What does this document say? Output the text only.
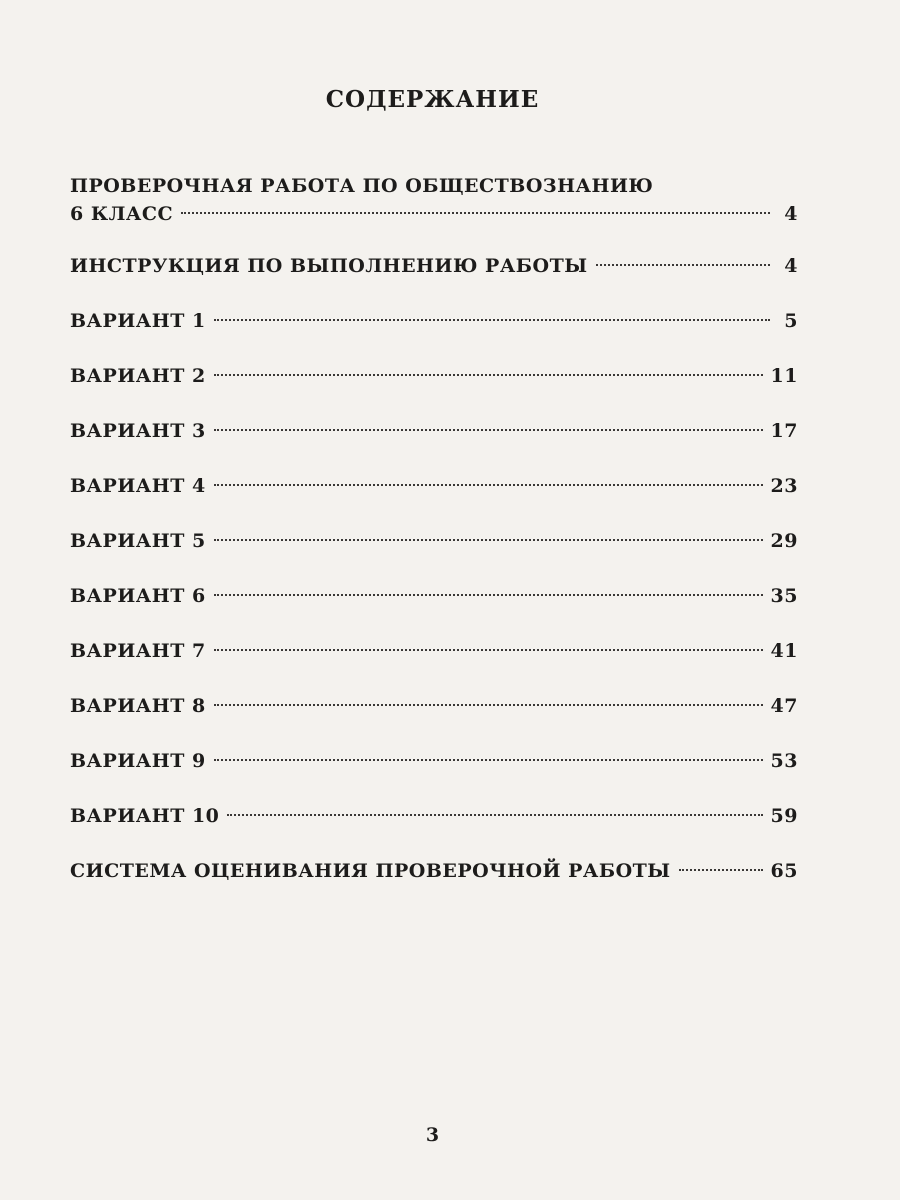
СОДЕРЖАНИЕ
ПРОВЕРОЧНАЯ РАБОТА ПО ОБЩЕСТВОЗНАНИЮ
6 КЛАСС	4
ИНСТРУКЦИЯ ПО ВЫПОЛНЕНИЮ РАБОТЫ	4
ВАРИАНТ 1	5
ВАРИАНТ 2	11
ВАРИАНТ 3	17
ВАРИАНТ 4	23
ВАРИАНТ 5	29
ВАРИАНТ 6	35
ВАРИАНТ 7	41
ВАРИАНТ 8	47
ВАРИАНТ 9	53
ВАРИАНТ 10	59
СИСТЕМА ОЦЕНИВАНИЯ ПРОВЕРОЧНОЙ РАБОТЫ	65
3
